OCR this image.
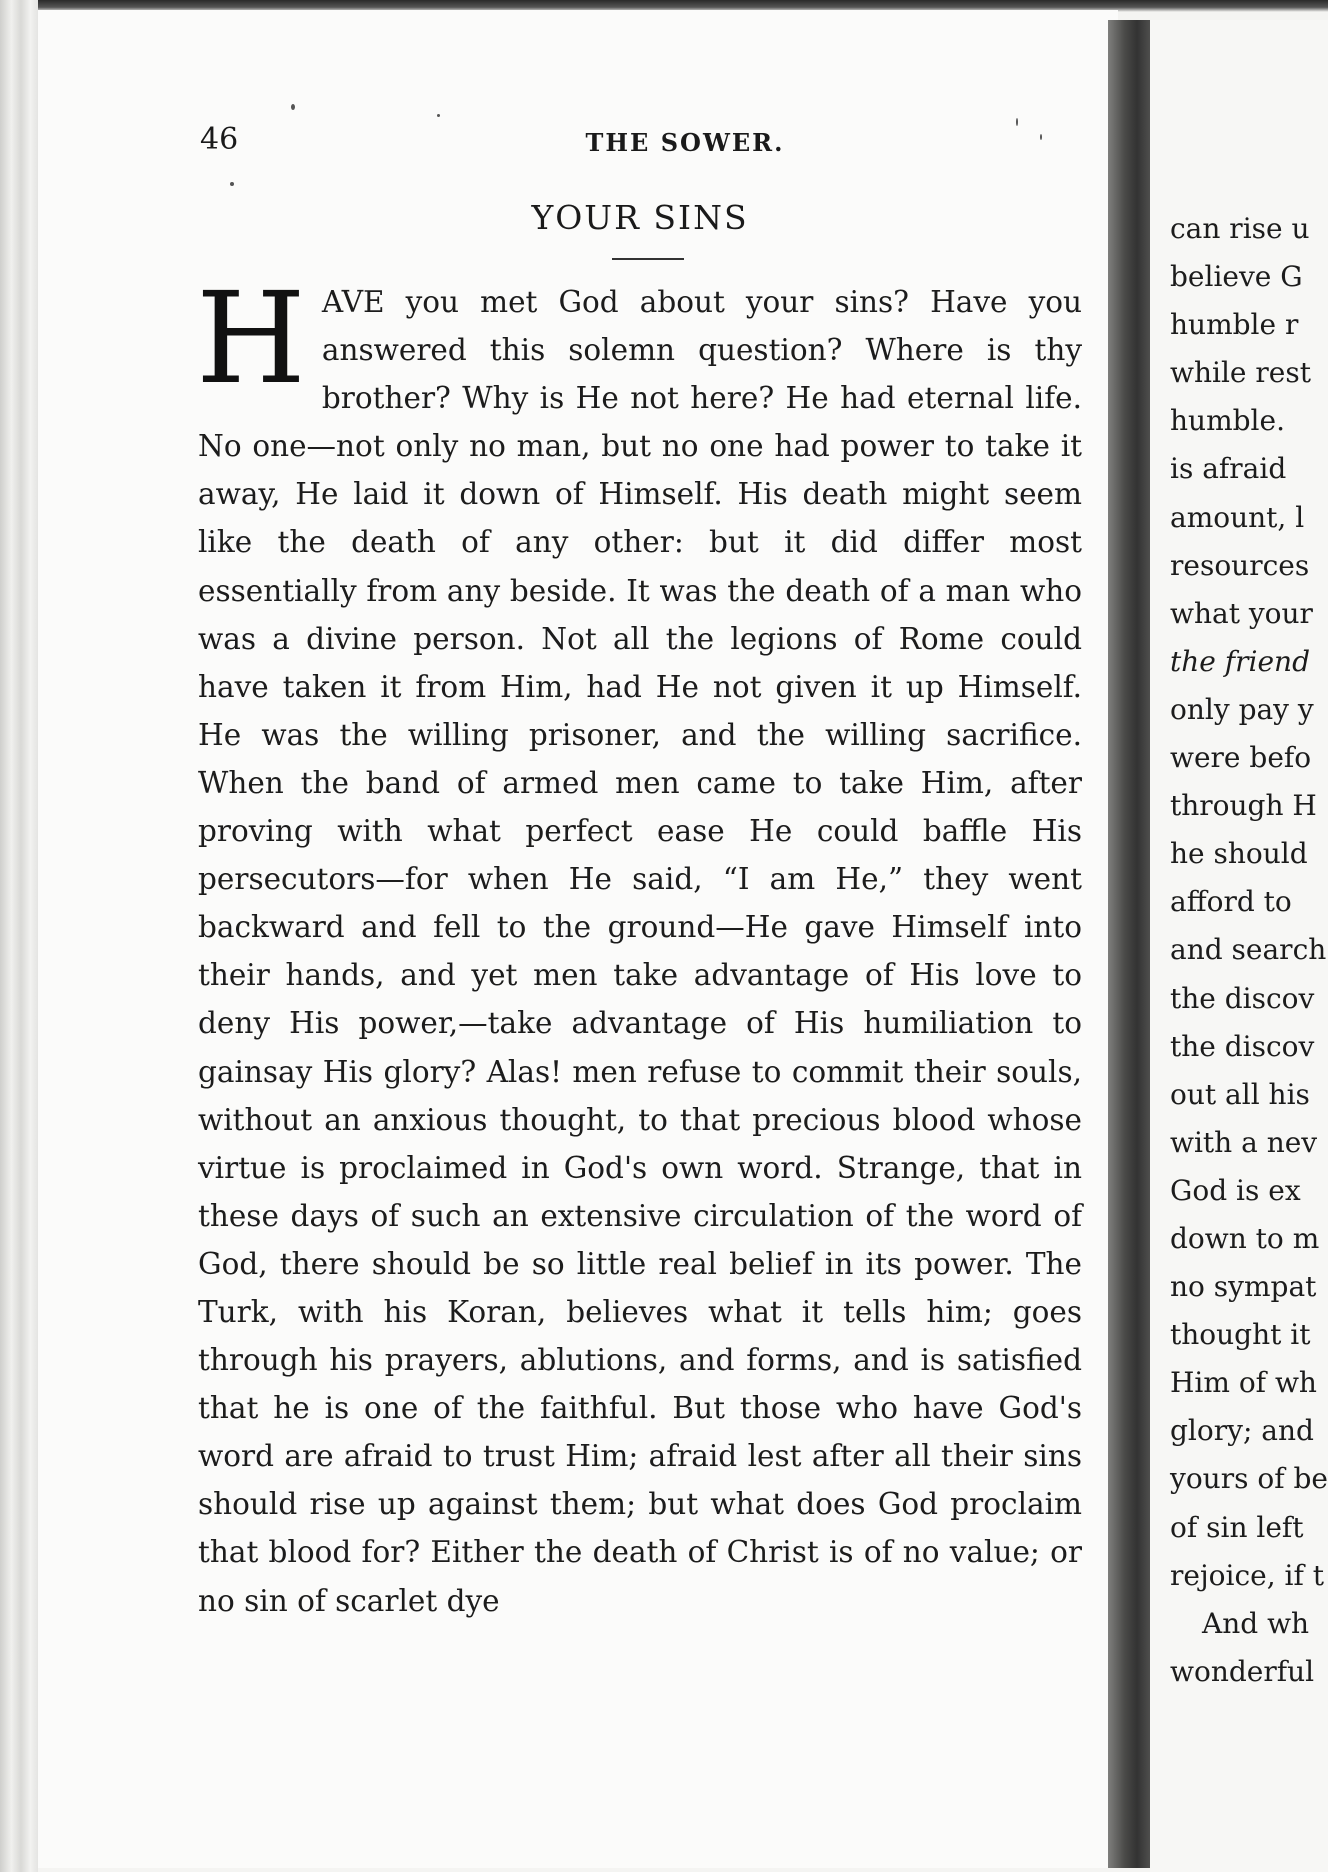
46	THE SOWER.
YOUR SINS
H AVE you met God about your sins? Have you answered this solemn question? Where is thy brother? Why is He not here? He had eternal life. No one—not only no man, but no one had power to take it away, He laid it down of Himself. His death might seem like the death of any other: but it did differ most essentially from any beside. It was the death of a man who was a divine person. Not all the legions of Rome could have taken it from Him, had He not given it up Himself. He was the willing prisoner, and the willing sacrifice. When the band of armed men came to take Him, after proving with what perfect ease He could baffle His persecutors—for when He said, “I am He,” they went backward and fell to the ground—He gave Himself into their hands, and yet men take advantage of His love to deny His power,—take advantage of His humiliation to gainsay His glory? Alas! men refuse to commit their souls, without an anxious thought, to that precious blood whose virtue is proclaimed in God's own word. Strange, that in these days of such an extensive circulation of the word of God, there should be so little real belief in its power. The Turk, with his Koran, believes what it tells him; goes through his prayers, ablutions, and forms, and is satisfied that he is one of the faithful. But those who have God's word are afraid to trust Him; afraid lest after all their sins should rise up against them; but what does God proclaim that blood for? Either the death of Christ is of no value; or no sin of scarlet dye

can rise u
believe G
humble r
while rest
humble.
is afraid
amount, l
resources
what your
the friend
only pay y
were befo
through H
he should
afford to
and search
the discov
the discov
out all his
with a nev
God is ex
down to m
no sympat
thought it
Him of wh
glory; and
yours of be
of sin left
rejoice, if t
And wh
wonderful
